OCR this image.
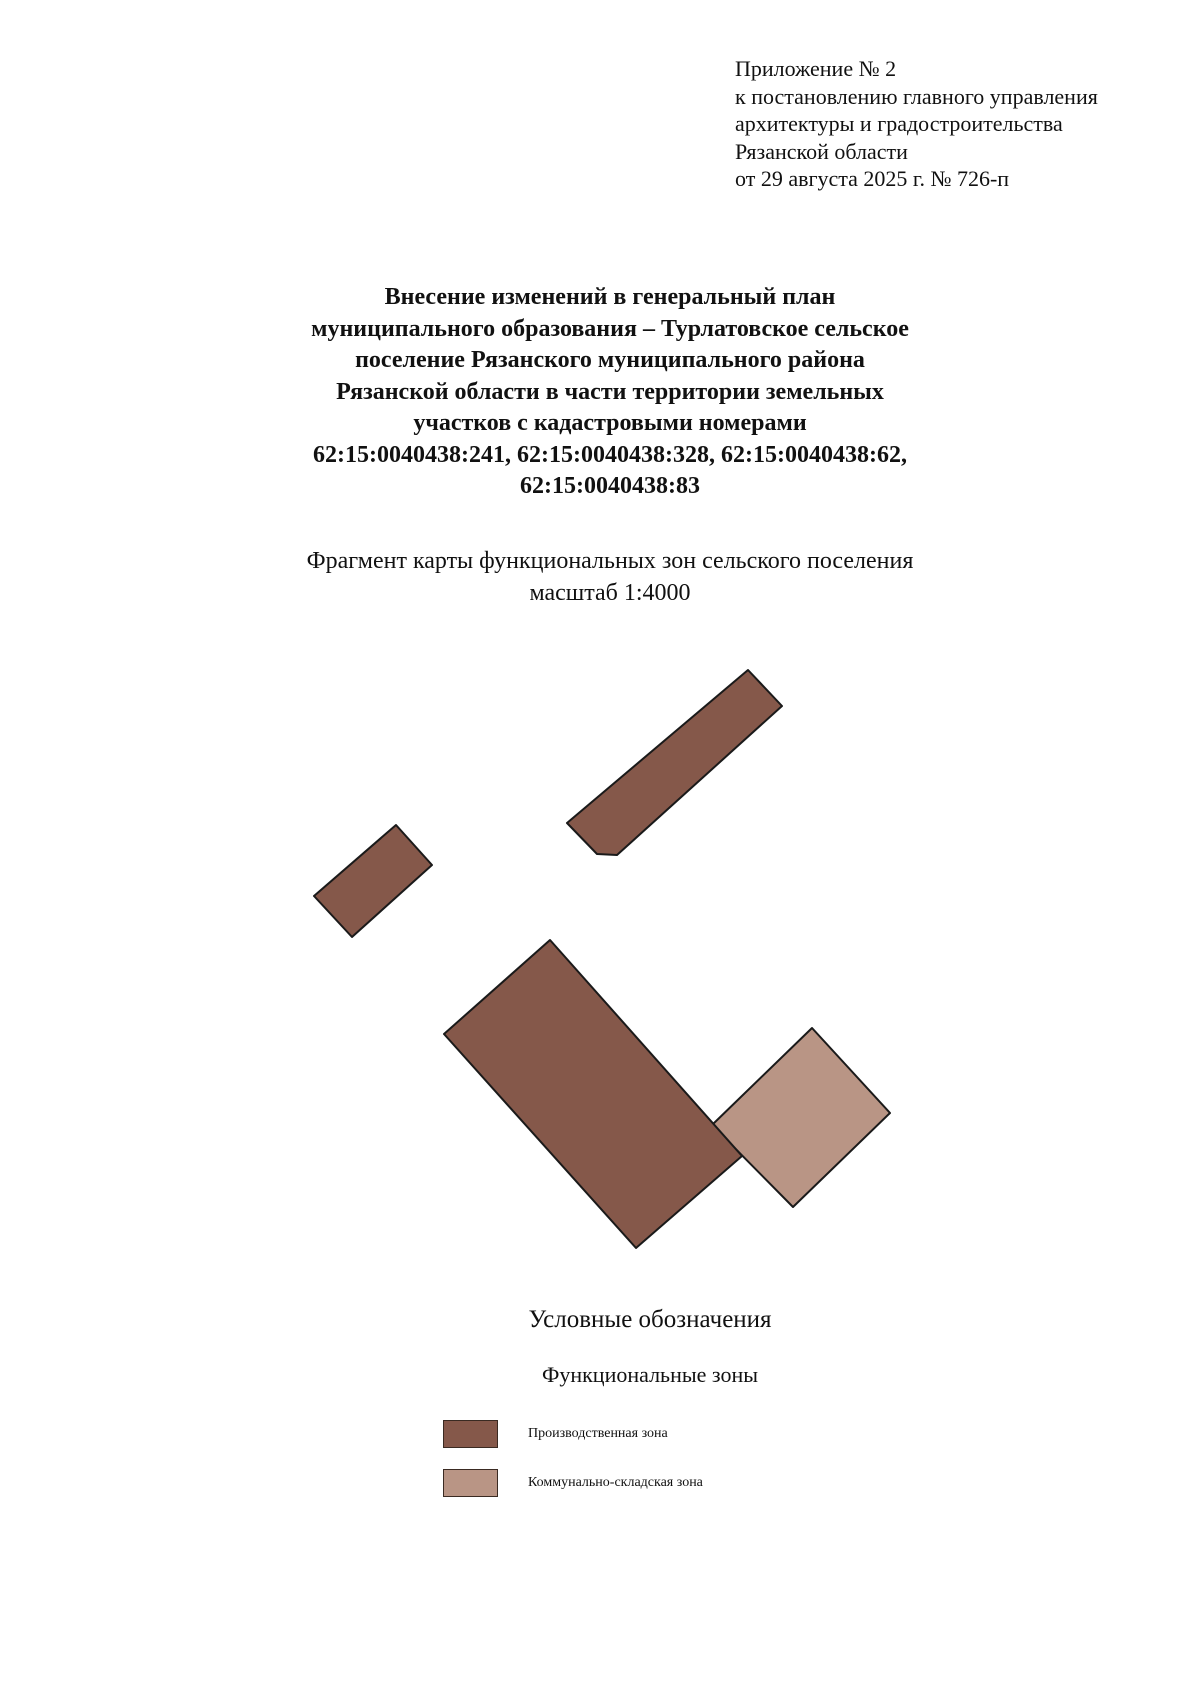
Приложение № 2
к постановлению главного управления
архитектуры и градостроительства
Рязанской области
от 29 августа 2025 г. № 726-п
Внесение изменений в генеральный план
муниципального образования – Турлатовское сельское
поселение Рязанского муниципального района
Рязанской области в части территории земельных
участков с кадастровыми номерами
62:15:0040438:241, 62:15:0040438:328, 62:15:0040438:62,
62:15:0040438:83
Фрагмент карты функциональных зон сельского поселения
масштаб 1:4000
Условные обозначения
Функциональные зоны
Производственная зона
Коммунально-складская зона
